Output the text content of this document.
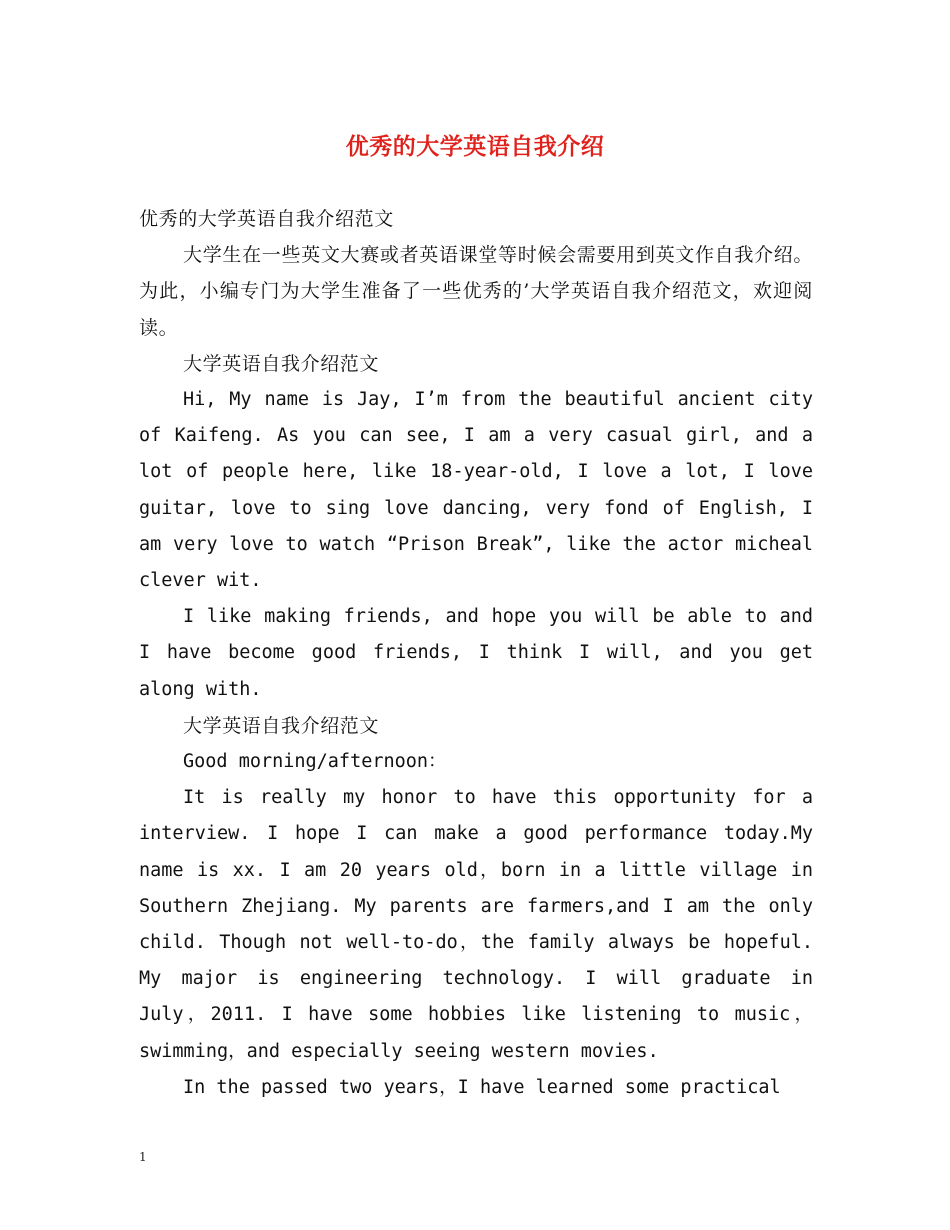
优秀的大学英语自我介绍

优秀的大学英语自我介绍范文

大学生在一些英文大赛或者英语课堂等时候会需要用到英文作自我介绍。为此，小编专门为大学生准备了一些优秀的’大学英语自我介绍范文，欢迎阅读。

大学英语自我介绍范文

Hi, My name is Jay, I’m from the beautiful ancient city of Kaifeng. As you can see, I am a very casual girl, and a lot of people here, like 18-year-old, I love a lot, I love guitar, love to sing love dancing, very fond of English, I am very love to watch “Prison Break”, like the actor micheal clever wit.

I like making friends, and hope you will be able to and I have become good friends, I think I will, and you get along with.

大学英语自我介绍范文

Good morning/afternoon：

It is really my honor to have this opportunity for a interview. I hope I can make a good performance today.My name is xx. I am 20 years old，born in a little village in Southern Zhejiang. My parents are farmers,and I am the only child. Though not well-to-do，the family always be hopeful. My major is engineering technology. I will graduate in July，2011. I have some hobbies like listening to music，swimming，and especially seeing western movies.

In the passed two years，I have learned some practical

1
